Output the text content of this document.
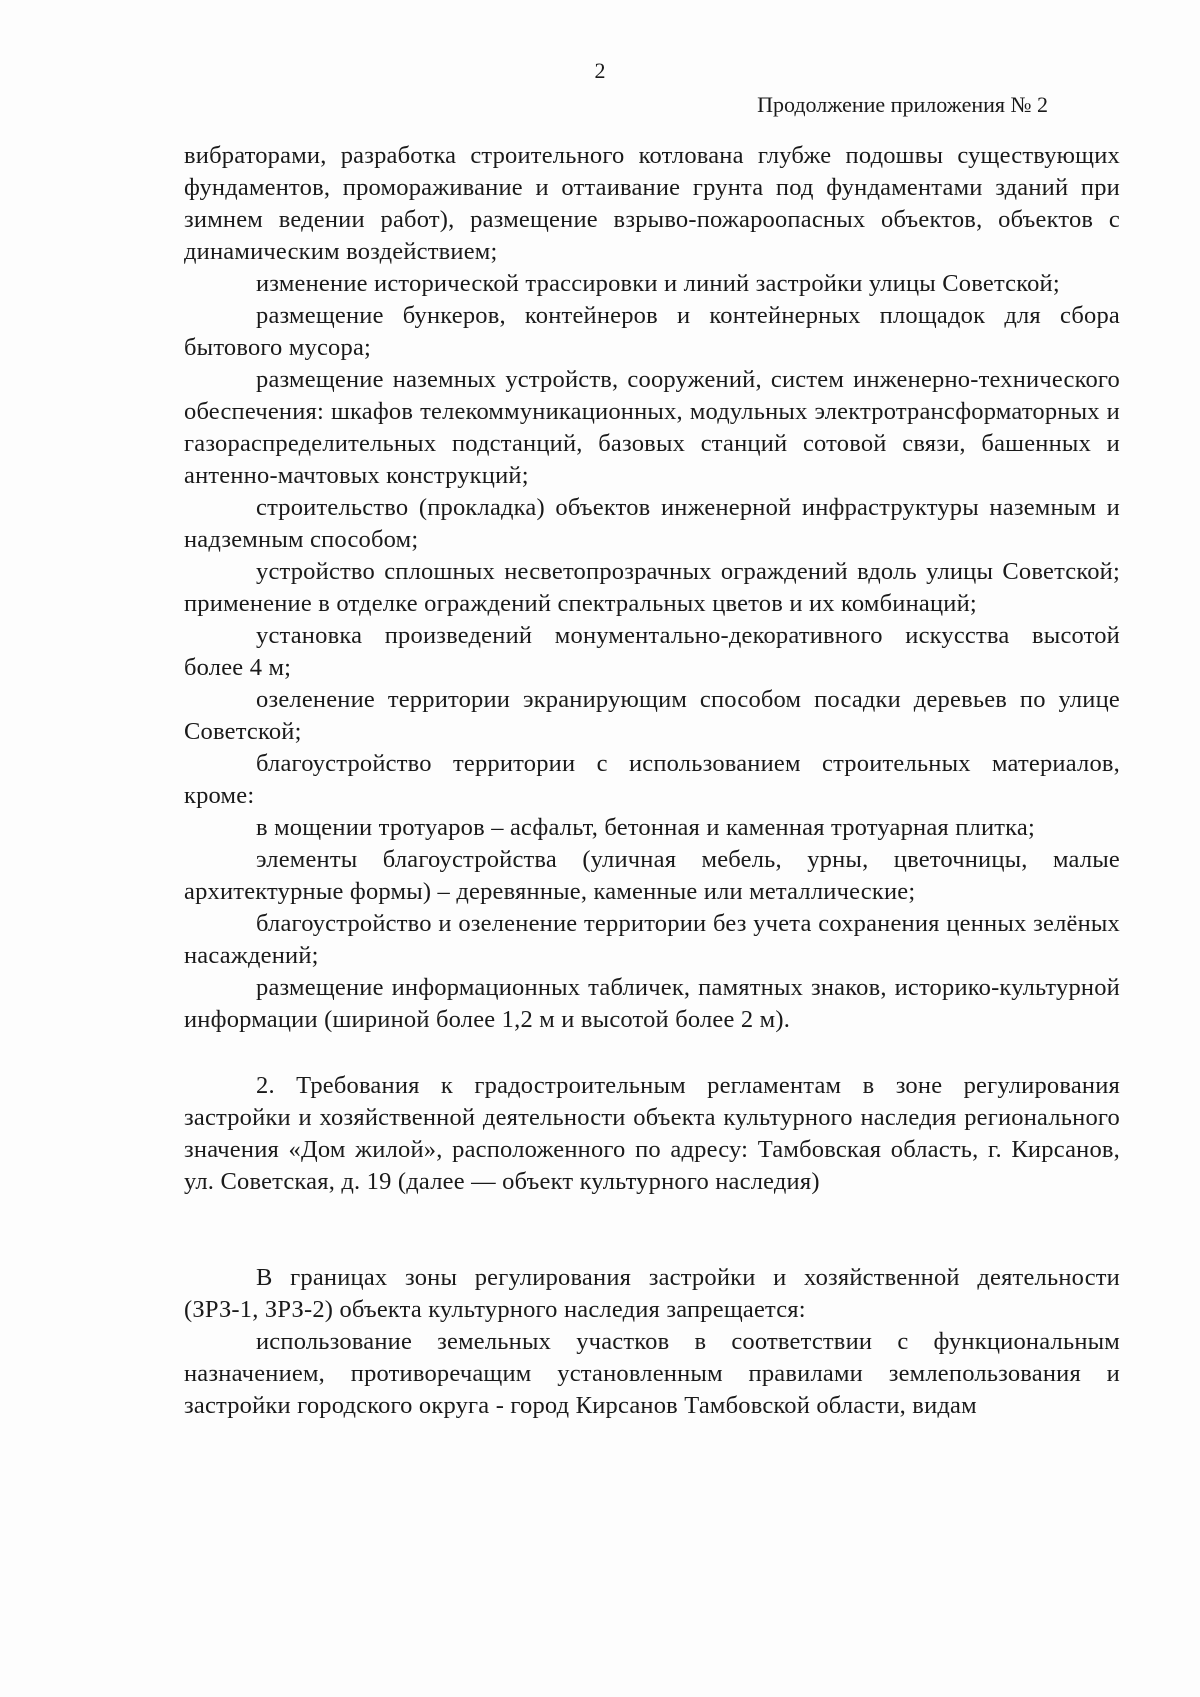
2
Продолжение приложения № 2

вибраторами, разработка строительного котлована глубже подошвы существующих фундаментов, промораживание и оттаивание грунта под фундаментами зданий при зимнем ведении работ), размещение взрыво-пожароопасных объектов, объектов с динамическим воздействием;

изменение исторической трассировки и линий застройки улицы Советской;

размещение бункеров, контейнеров и контейнерных площадок для сбора бытового мусора;

размещение наземных устройств, сооружений, систем инженерно-технического обеспечения: шкафов телекоммуникационных, модульных электротрансформаторных и газораспределительных подстанций, базовых станций сотовой связи, башенных и антенно-мачтовых конструкций;

строительство (прокладка) объектов инженерной инфраструктуры наземным и надземным способом;

устройство сплошных несветопрозрачных ограждений вдоль улицы Советской; применение в отделке ограждений спектральных цветов и их комбинаций;

установка произведений монументально-декоративного искусства высотой более 4 м;

озеленение территории экранирующим способом посадки деревьев по улице Советской;

благоустройство территории с использованием строительных материалов, кроме:

в мощении тротуаров – асфальт, бетонная и каменная тротуарная плитка;

элементы благоустройства (уличная мебель, урны, цветочницы, малые архитектурные формы) – деревянные, каменные или металлические;

благоустройство и озеленение территории без учета сохранения ценных зелёных насаждений;

размещение информационных табличек, памятных знаков, историко-культурной информации (шириной более 1,2 м и высотой более 2 м).

2. Требования к градостроительным регламентам в зоне регулирования застройки и хозяйственной деятельности объекта культурного наследия регионального значения «Дом жилой», расположенного по адресу: Тамбовская область, г. Кирсанов, ул. Советская, д. 19 (далее — объект культурного наследия)

В границах зоны регулирования застройки и хозяйственной деятельности (ЗРЗ-1, ЗРЗ-2) объекта культурного наследия запрещается:

использование земельных участков в соответствии с функциональным назначением, противоречащим установленным правилами землепользования и застройки городского округа - город Кирсанов Тамбовской области, видам
